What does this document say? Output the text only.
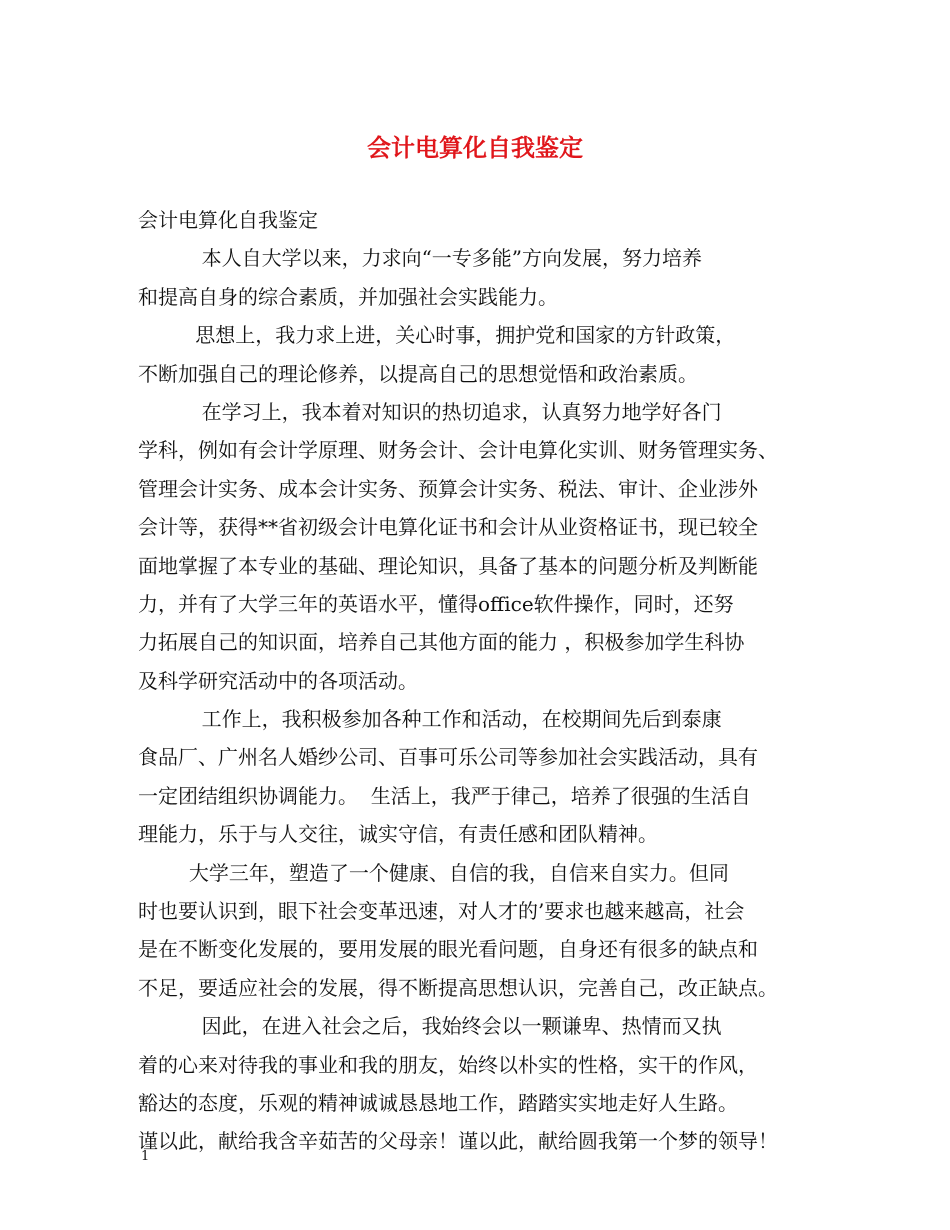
会计电算化自我鉴定

会计电算化自我鉴定

本人自大学以来，力求向“一专多能”方向发展，努力培养
和提高自身的综合素质，并加强社会实践能力。

思想上，我力求上进，关心时事，拥护党和国家的方针政策，
不断加强自己的理论修养，以提高自己的思想觉悟和政治素质。

在学习上，我本着对知识的热切追求，认真努力地学好各门
学科，例如有会计学原理、财务会计、会计电算化实训、财务管理实务、
管理会计实务、成本会计实务、预算会计实务、税法、审计、企业涉外
会计等，获得**省初级会计电算化证书和会计从业资格证书，现已较全
面地掌握了本专业的基础、理论知识，具备了基本的问题分析及判断能
力，并有了大学三年的英语水平，懂得office软件操作，同时，还努
力拓展自己的知识面，培养自己其他方面的能力 ，积极参加学生科协
及科学研究活动中的各项活动。

工作上，我积极参加各种工作和活动，在校期间先后到泰康
食品厂、广州名人婚纱公司、百事可乐公司等参加社会实践活动，具有
一定团结组织协调能力。  生活上，我严于律己，培养了很强的生活自
理能力，乐于与人交往，诚实守信，有责任感和团队精神。

大学三年，塑造了一个健康、自信的我，自信来自实力。但同
时也要认识到，眼下社会变革迅速，对人才的’要求也越来越高，社会
是在不断变化发展的，要用发展的眼光看问题，自身还有很多的缺点和
不足，要适应社会的发展，得不断提高思想认识，完善自己，改正缺点。

因此，在进入社会之后，我始终会以一颗谦卑、热情而又执
着的心来对待我的事业和我的朋友，始终以朴实的性格，实干的作风，
豁达的态度，乐观的精神诚诚恳恳地工作，踏踏实实地走好人生路。
谨以此，献给我含辛茹苦的父母亲！谨以此，献给圆我第一个梦的领导！

1
